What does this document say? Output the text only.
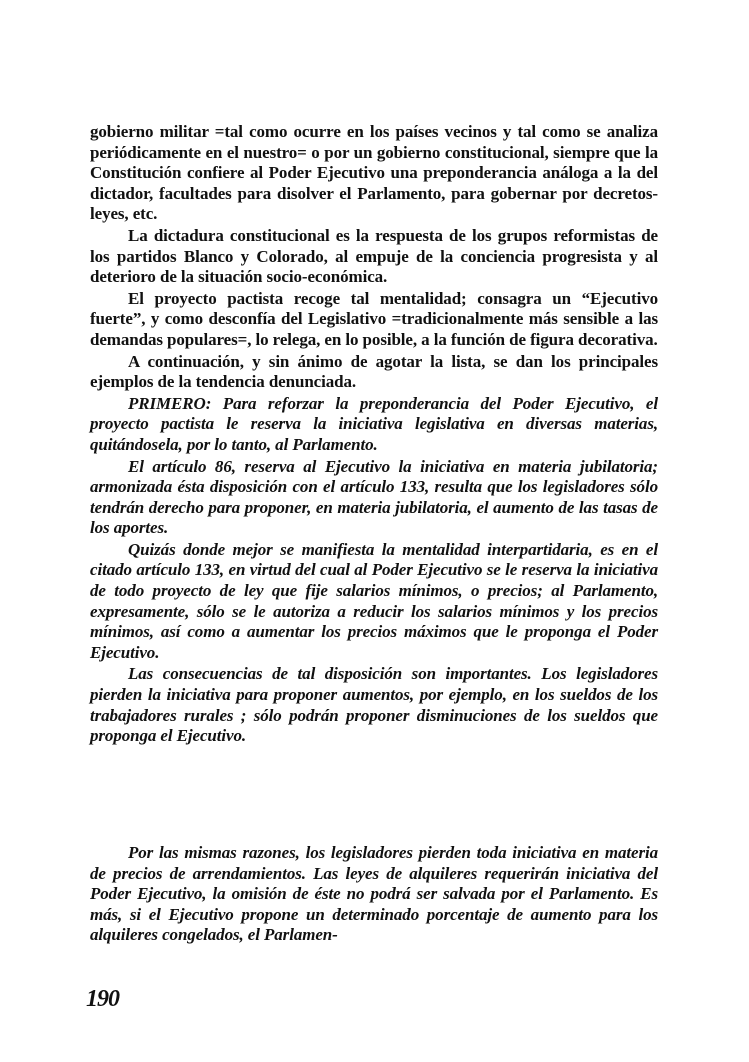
gobierno militar =tal como ocurre en los países vecinos y tal como se analiza periódicamente en el nuestro= o por un gobierno constitucional, siempre que la Constitución confiere al Poder Ejecutivo una preponderancia análoga a la del dictador, facultades para disolver el Parlamento, para gobernar por decretos-leyes, etc.

La dictadura constitucional es la respuesta de los grupos reformistas de los partidos Blanco y Colorado, al empuje de la conciencia progresista y al deterioro de la situación socio-económica.

El proyecto pactista recoge tal mentalidad; consagra un “Ejecutivo fuerte”, y como desconfía del Legislativo =tradicionalmente más sensible a las demandas populares=, lo relega, en lo posible, a la función de figura decorativa.

A continuación, y sin ánimo de agotar la lista, se dan los principales ejemplos de la tendencia denunciada.

PRIMERO: Para reforzar la preponderancia del Poder Ejecutivo, el proyecto pactista le reserva la iniciativa legislativa en diversas materias, quitándosela, por lo tanto, al Parlamento.

El artículo 86, reserva al Ejecutivo la iniciativa en materia jubilatoria; armonizada ésta disposición con el artículo 133, resulta que los legisladores sólo tendrán derecho para proponer, en materia jubilatoria, el aumento de las tasas de los aportes.

Quizás donde mejor se manifiesta la mentalidad interpartidaria, es en el citado artículo 133, en virtud del cual al Poder Ejecutivo se le reserva la iniciativa de todo proyecto de ley que fije salarios mínimos, o precios; al Parlamento, expresamente, sólo se le autoriza a reducir los salarios mínimos y los precios mínimos, así como a aumentar los precios máximos que le proponga el Poder Ejecutivo.

Las consecuencias de tal disposición son importantes. Los legisladores pierden la iniciativa para proponer aumentos, por ejemplo, en los sueldos de los trabajadores rurales ; sólo podrán proponer disminuciones de los sueldos que proponga el Ejecutivo.

Por las mismas razones, los legisladores pierden toda iniciativa en materia de precios de arrendamientos. Las leyes de alquileres requerirán iniciativa del Poder Ejecutivo, la omisión de éste no podrá ser salvada por el Parlamento. Es más, si el Ejecutivo propone un determinado porcentaje de aumento para los alquileres congelados, el Parlamen-

190
